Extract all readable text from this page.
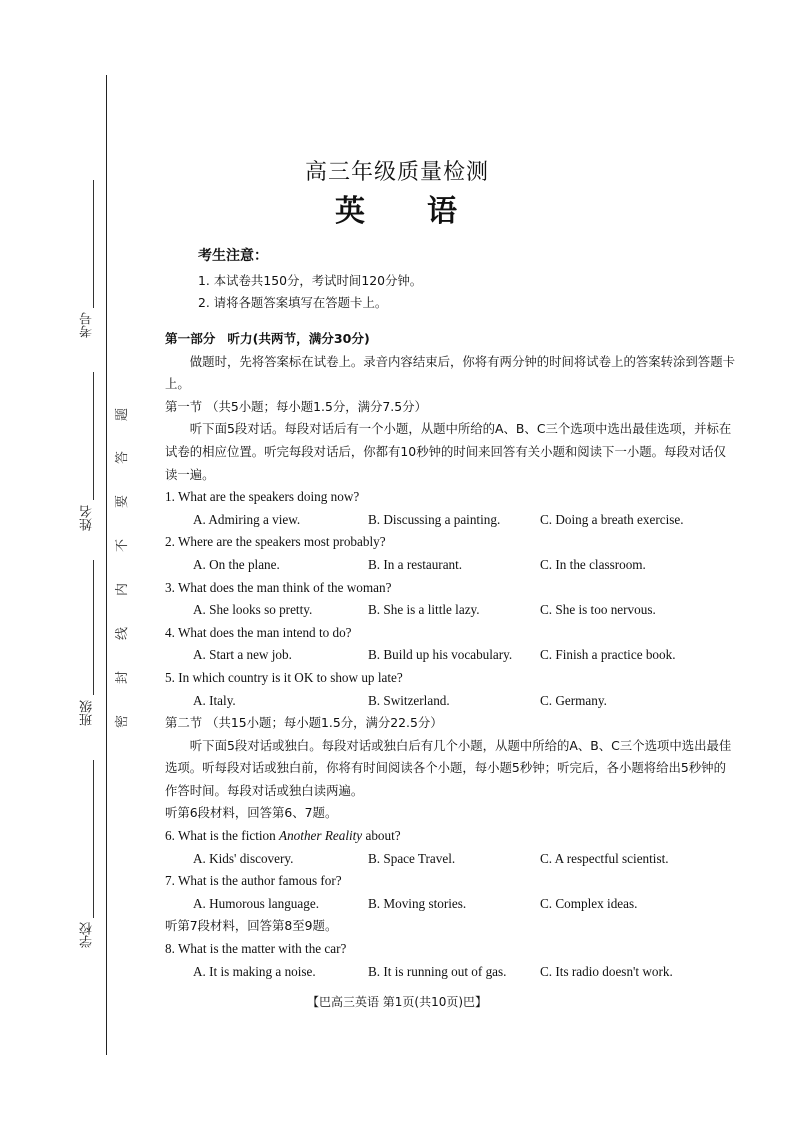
考号
姓名
班级
学校
题
答
要
不
内
线
封
密
高三年级质量检测
英 语
考生注意：
1. 本试卷共150分，考试时间120分钟。
2. 请将各题答案填写在答题卡上。

第一部分 听力(共两节，满分30分)

做题时，先将答案标在试卷上。录音内容结束后，你将有两分钟的时间将试卷上的答案转涂到答题卡上。

第一节 （共5小题；每小题1.5分，满分7.5分）

听下面5段对话。每段对话后有一个小题，从题中所给的A、B、C三个选项中选出最佳选项，并标在试卷的相应位置。听完每段对话后，你都有10秒钟的时间来回答有关小题和阅读下一小题。每段对话仅读一遍。

1. What are the speakers doing now?

A. Admiring a view.	B. Discussing a painting.	C. Doing a breath exercise.

2. Where are the speakers most probably?

A. On the plane.	B. In a restaurant.	C. In the classroom.

3. What does the man think of the woman?

A. She looks so pretty.	B. She is a little lazy.	C. She is too nervous.

4. What does the man intend to do?

A. Start a new job.	B. Build up his vocabulary.	C. Finish a practice book.

5. In which country is it OK to show up late?

A. Italy.	B. Switzerland.	C. Germany.

第二节 （共15小题；每小题1.5分，满分22.5分）

听下面5段对话或独白。每段对话或独白后有几个小题，从题中所给的A、B、C三个选项中选出最佳选项。听每段对话或独白前，你将有时间阅读各个小题，每小题5秒钟；听完后，各小题将给出5秒钟的作答时间。每段对话或独白读两遍。

听第6段材料，回答第6、7题。

6. What is the fiction Another Reality about?

A. Kids' discovery.	B. Space Travel.	C. A respectful scientist.

7. What is the author famous for?

A. Humorous language.	B. Moving stories.	C. Complex ideas.

听第7段材料，回答第8至9题。

8. What is the matter with the car?

A. It is making a noise.	B. It is running out of gas.	C. Its radio doesn't work.
【巴高三英语 第1页(共10页)巴】
